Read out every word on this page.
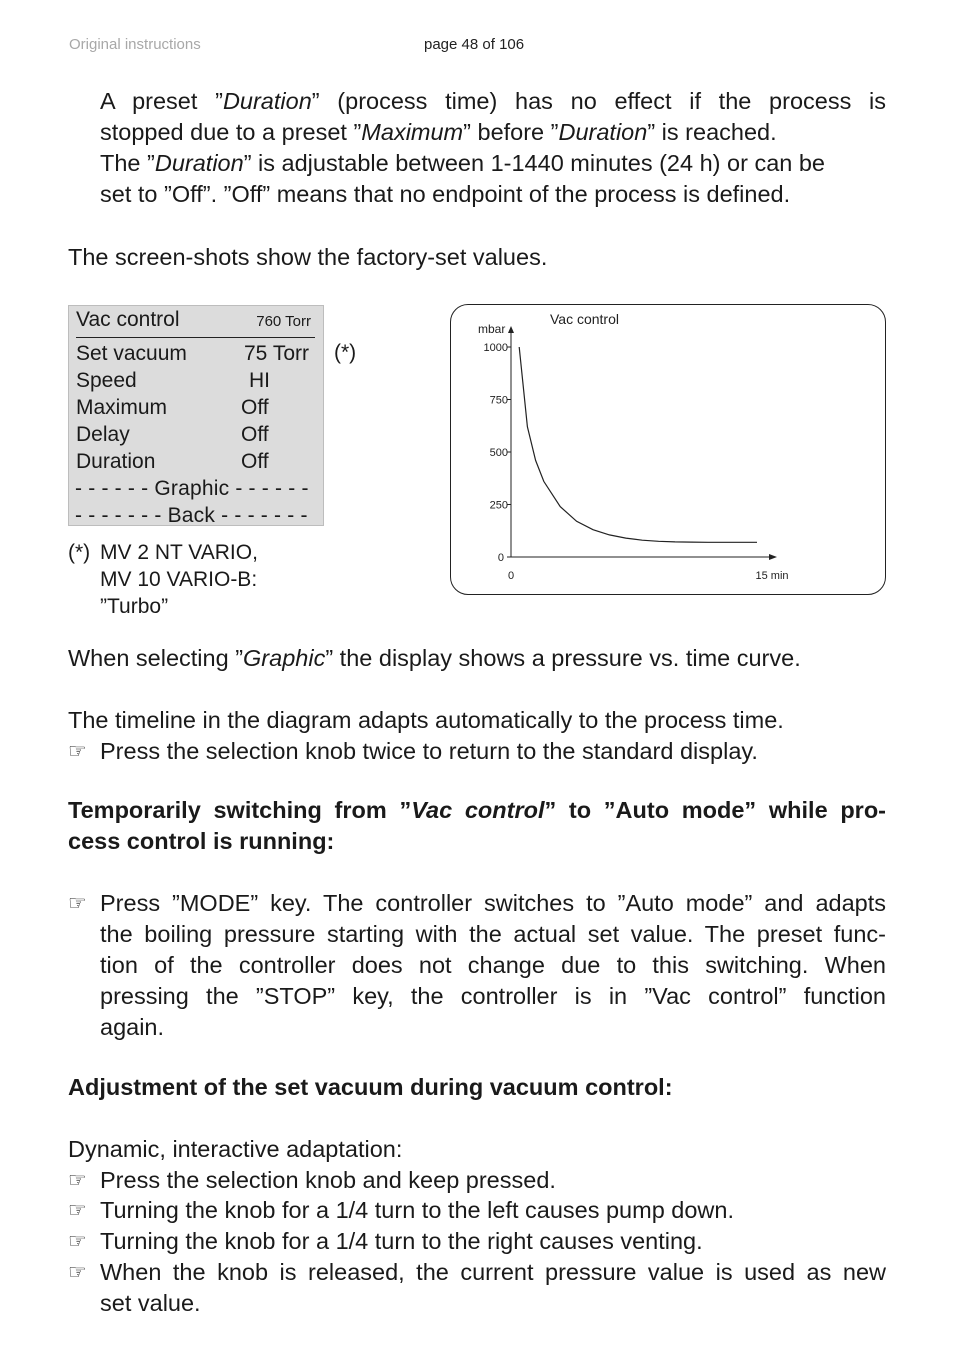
Original instructions	page 48 of 106
A preset ”Duration” (process time) has no effect if the process is
stopped due to a preset ”Maximum” before ”Duration” is reached.
The ”Duration” is adjustable between 1-1440 minutes (24 h) or can be
set to ”Off”. ”Off” means that no endpoint of the process is defined.
The screen-shots show the factory-set values.
Vac control	760 Torr
Set vacuum	75 Torr
Speed	HI
Maximum	Off
Delay	Off
Duration	Off
- - - - - - Graphic - - - - - -
- - - - - - - Back - - - - - - -
(*)
(*) MV 2 NT VARIO,
MV 10 VARIO-B:
”Turbo”
Vac control
mbar
1000
750
500
250
0
0	15 min
When selecting ”Graphic” the display shows a pressure vs. time curve.
The timeline in the diagram adapts automatically to the process time.
☞ Press the selection knob twice to return to the standard display.
Temporarily switching from ”Vac control” to ”Auto mode” while pro-
cess control is running:
☞ Press ”MODE” key. The controller switches to ”Auto mode” and adapts
the boiling pressure starting with the actual set value. The preset func-
tion of the controller does not change due to this switching. When
pressing the ”STOP” key, the controller is in ”Vac control” function
again.
Adjustment of the set vacuum during vacuum control:
Dynamic, interactive adaptation:
☞ Press the selection knob and keep pressed.
☞ Turning the knob for a 1/4 turn to the left causes pump down.
☞ Turning the knob for a 1/4 turn to the right causes venting.
☞ When the knob is released, the current pressure value is used as new
set value.
